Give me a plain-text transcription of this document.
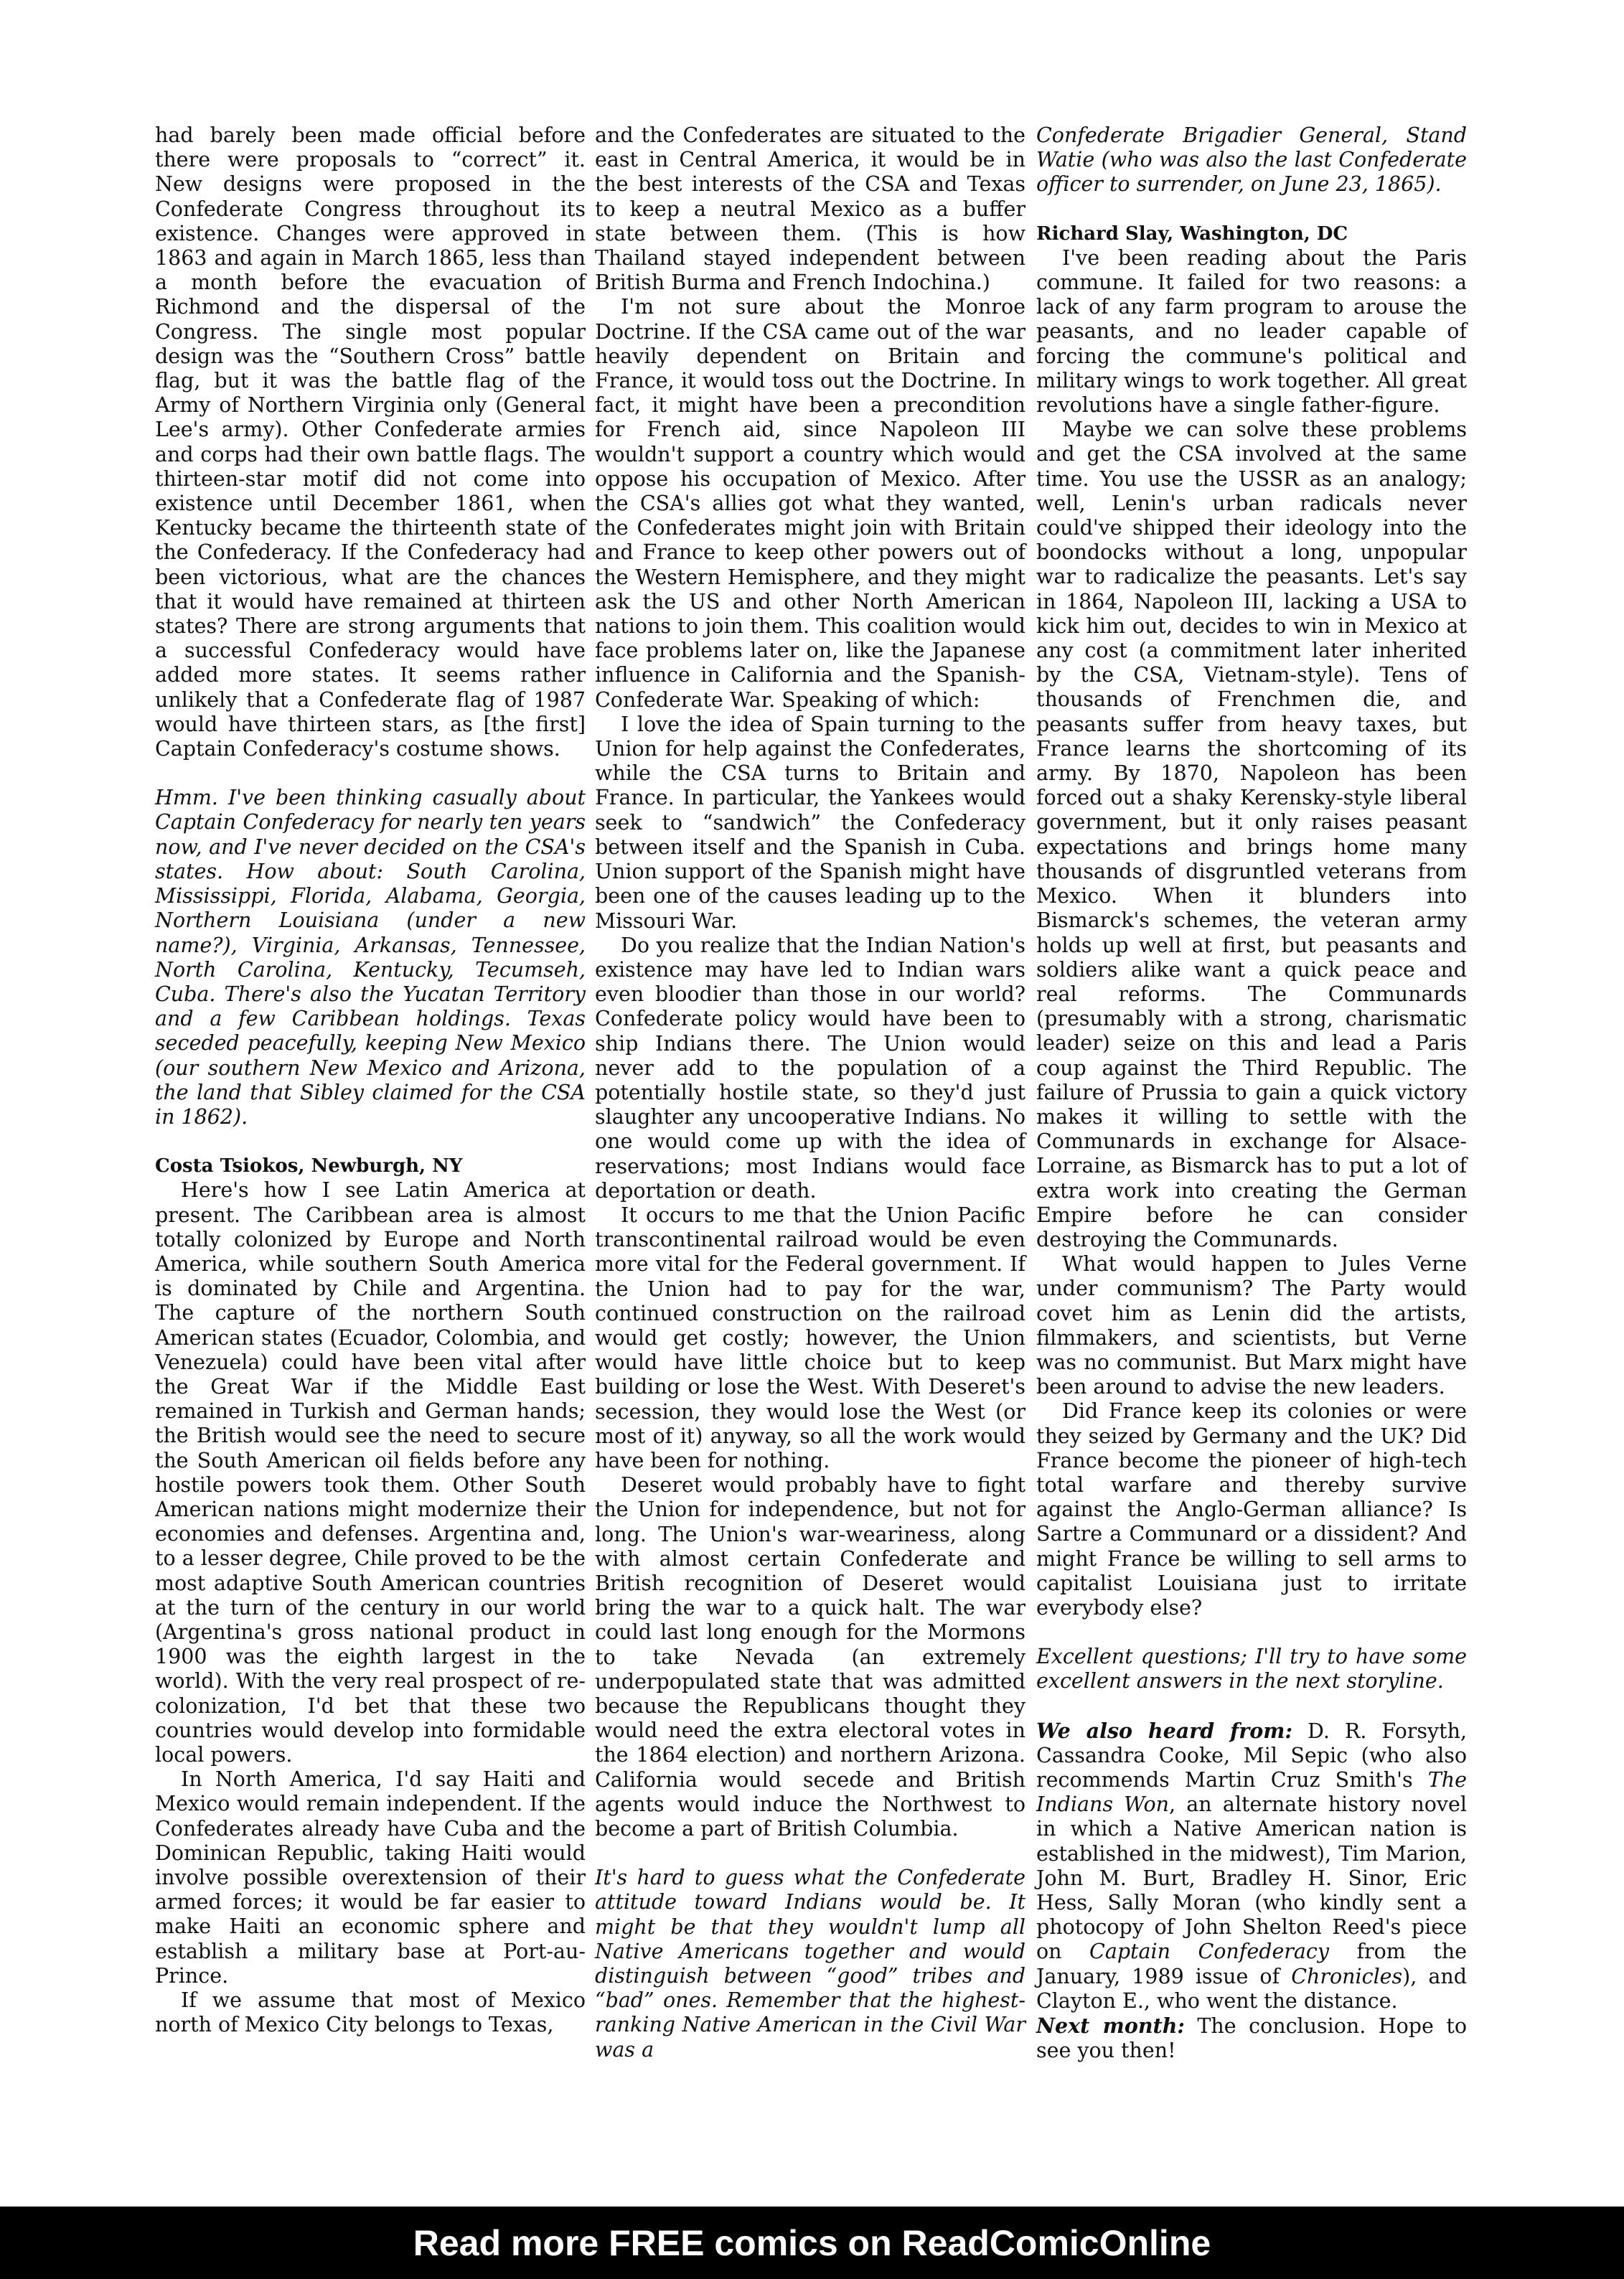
had barely been made official before there were proposals to “correct” it. New designs were proposed in the Confederate Congress throughout its existence. Changes were approved in 1863 and again in March 1865, less than a month before the evacuation of Richmond and the dispersal of the Congress. The single most popular design was the “Southern Cross” battle flag, but it was the battle flag of the Army of Northern Virginia only (General Lee's army). Other Confederate armies and corps had their own battle flags. The thirteen-star motif did not come into existence until December 1861, when Kentucky became the thirteenth state of the Confederacy. If the Confederacy had been victorious, what are the chances that it would have remained at thirteen states? There are strong arguments that a successful Confederacy would have added more states. It seems rather unlikely that a Confederate flag of 1987 would have thirteen stars, as [the first] Captain Confederacy's costume shows.

Hmm. I've been thinking casually about Captain Confederacy for nearly ten years now, and I've never decided on the CSA's states. How about: South Carolina, Mississippi, Florida, Alabama, Georgia, Northern Louisiana (under a new name?), Virginia, Arkansas, Tennessee, North Carolina, Kentucky, Tecumseh, Cuba. There's also the Yucatan Territory and a few Caribbean holdings. Texas seceded peacefully, keeping New Mexico (our southern New Mexico and Arizona, the land that Sibley claimed for the CSA in 1862).

Costa Tsiokos, Newburgh, NY

Here's how I see Latin America at present. The Caribbean area is almost totally colonized by Europe and North America, while southern South America is dominated by Chile and Argentina. The capture of the northern South American states (Ecuador, Colombia, and Venezuela) could have been vital after the Great War if the Middle East remained in Turkish and German hands; the British would see the need to secure the South American oil fields before any hostile powers took them. Other South American nations might modernize their economies and defenses. Argentina and, to a lesser degree, Chile proved to be the most adaptive South American countries at the turn of the century in our world (Argentina's gross national product in 1900 was the eighth largest in the world). With the very real prospect of re-colonization, I'd bet that these two countries would develop into formidable local powers.

In North America, I'd say Haiti and Mexico would remain independent. If the Confederates already have Cuba and the Dominican Republic, taking Haiti would involve possible overextension of their armed forces; it would be far easier to make Haiti an economic sphere and establish a military base at Port-au-Prince.

If we assume that most of Mexico north of Mexico City belongs to Texas,

and the Confederates are situated to the east in Central America, it would be in the best interests of the CSA and Texas to keep a neutral Mexico as a buffer state between them. (This is how Thailand stayed independent between British Burma and French Indochina.)

I'm not sure about the Monroe Doctrine. If the CSA came out of the war heavily dependent on Britain and France, it would toss out the Doctrine. In fact, it might have been a precondition for French aid, since Napoleon III wouldn't support a country which would oppose his occupation of Mexico. After the CSA's allies got what they wanted, the Confederates might join with Britain and France to keep other powers out of the Western Hemisphere, and they might ask the US and other North American nations to join them. This coalition would face problems later on, like the Japanese influence in California and the Spanish-Confederate War. Speaking of which:

I love the idea of Spain turning to the Union for help against the Confederates, while the CSA turns to Britain and France. In particular, the Yankees would seek to “sandwich” the Confederacy between itself and the Spanish in Cuba. Union support of the Spanish might have been one of the causes leading up to the Missouri War.

Do you realize that the Indian Nation's existence may have led to Indian wars even bloodier than those in our world? Confederate policy would have been to ship Indians there. The Union would never add to the population of a potentially hostile state, so they'd just slaughter any uncooperative Indians. No one would come up with the idea of reservations; most Indians would face deportation or death.

It occurs to me that the Union Pacific transcontinental railroad would be even more vital for the Federal government. If the Union had to pay for the war, continued construction on the railroad would get costly; however, the Union would have little choice but to keep building or lose the West. With Deseret's secession, they would lose the West (or most of it) anyway, so all the work would have been for nothing.

Deseret would probably have to fight the Union for independence, but not for long. The Union's war-weariness, along with almost certain Confederate and British recognition of Deseret would bring the war to a quick halt. The war could last long enough for the Mormons to take Nevada (an extremely underpopulated state that was admitted because the Republicans thought they would need the extra electoral votes in the 1864 election) and northern Arizona. California would secede and British agents would induce the Northwest to become a part of British Columbia.

It's hard to guess what the Confederate attitude toward Indians would be. It might be that they wouldn't lump all Native Americans together and would distinguish between “good” tribes and “bad” ones. Remember that the highest-ranking Native American in the Civil War was a

Confederate Brigadier General, Stand Watie (who was also the last Confederate officer to surrender, on June 23, 1865).

Richard Slay, Washington, DC

I've been reading about the Paris commune. It failed for two reasons: a lack of any farm program to arouse the peasants, and no leader capable of forcing the commune's political and military wings to work together. All great revolutions have a single father-figure.

Maybe we can solve these problems and get the CSA involved at the same time. You use the USSR as an analogy; well, Lenin's urban radicals never could've shipped their ideology into the boondocks without a long, unpopular war to radicalize the peasants. Let's say in 1864, Napoleon III, lacking a USA to kick him out, decides to win in Mexico at any cost (a commitment later inherited by the CSA, Vietnam-style). Tens of thousands of Frenchmen die, and peasants suffer from heavy taxes, but France learns the shortcoming of its army. By 1870, Napoleon has been forced out a shaky Kerensky-style liberal government, but it only raises peasant expectations and brings home many thousands of disgruntled veterans from Mexico. When it blunders into Bismarck's schemes, the veteran army holds up well at first, but peasants and soldiers alike want a quick peace and real reforms. The Communards (presumably with a strong, charismatic leader) seize on this and lead a Paris coup against the Third Republic. The failure of Prussia to gain a quick victory makes it willing to settle with the Communards in exchange for Alsace-Lorraine, as Bismarck has to put a lot of extra work into creating the German Empire before he can consider destroying the Communards.

What would happen to Jules Verne under communism? The Party would covet him as Lenin did the artists, filmmakers, and scientists, but Verne was no communist. But Marx might have been around to advise the new leaders.

Did France keep its colonies or were they seized by Germany and the UK? Did France become the pioneer of high-tech total warfare and thereby survive against the Anglo-German alliance? Is Sartre a Communard or a dissident? And might France be willing to sell arms to capitalist Louisiana just to irritate everybody else?

Excellent questions; I'll try to have some excellent answers in the next storyline.

We also heard from: D. R. Forsyth, Cassandra Cooke, Mil Sepic (who also recommends Martin Cruz Smith's The Indians Won, an alternate history novel in which a Native American nation is established in the midwest), Tim Marion, John M. Burt, Bradley H. Sinor, Eric Hess, Sally Moran (who kindly sent a photocopy of John Shelton Reed's piece on Captain Confederacy from the January, 1989 issue of Chronicles), and Clayton E., who went the distance.

Next month: The conclusion. Hope to see you then!

Read more FREE comics on ReadComicOnline
